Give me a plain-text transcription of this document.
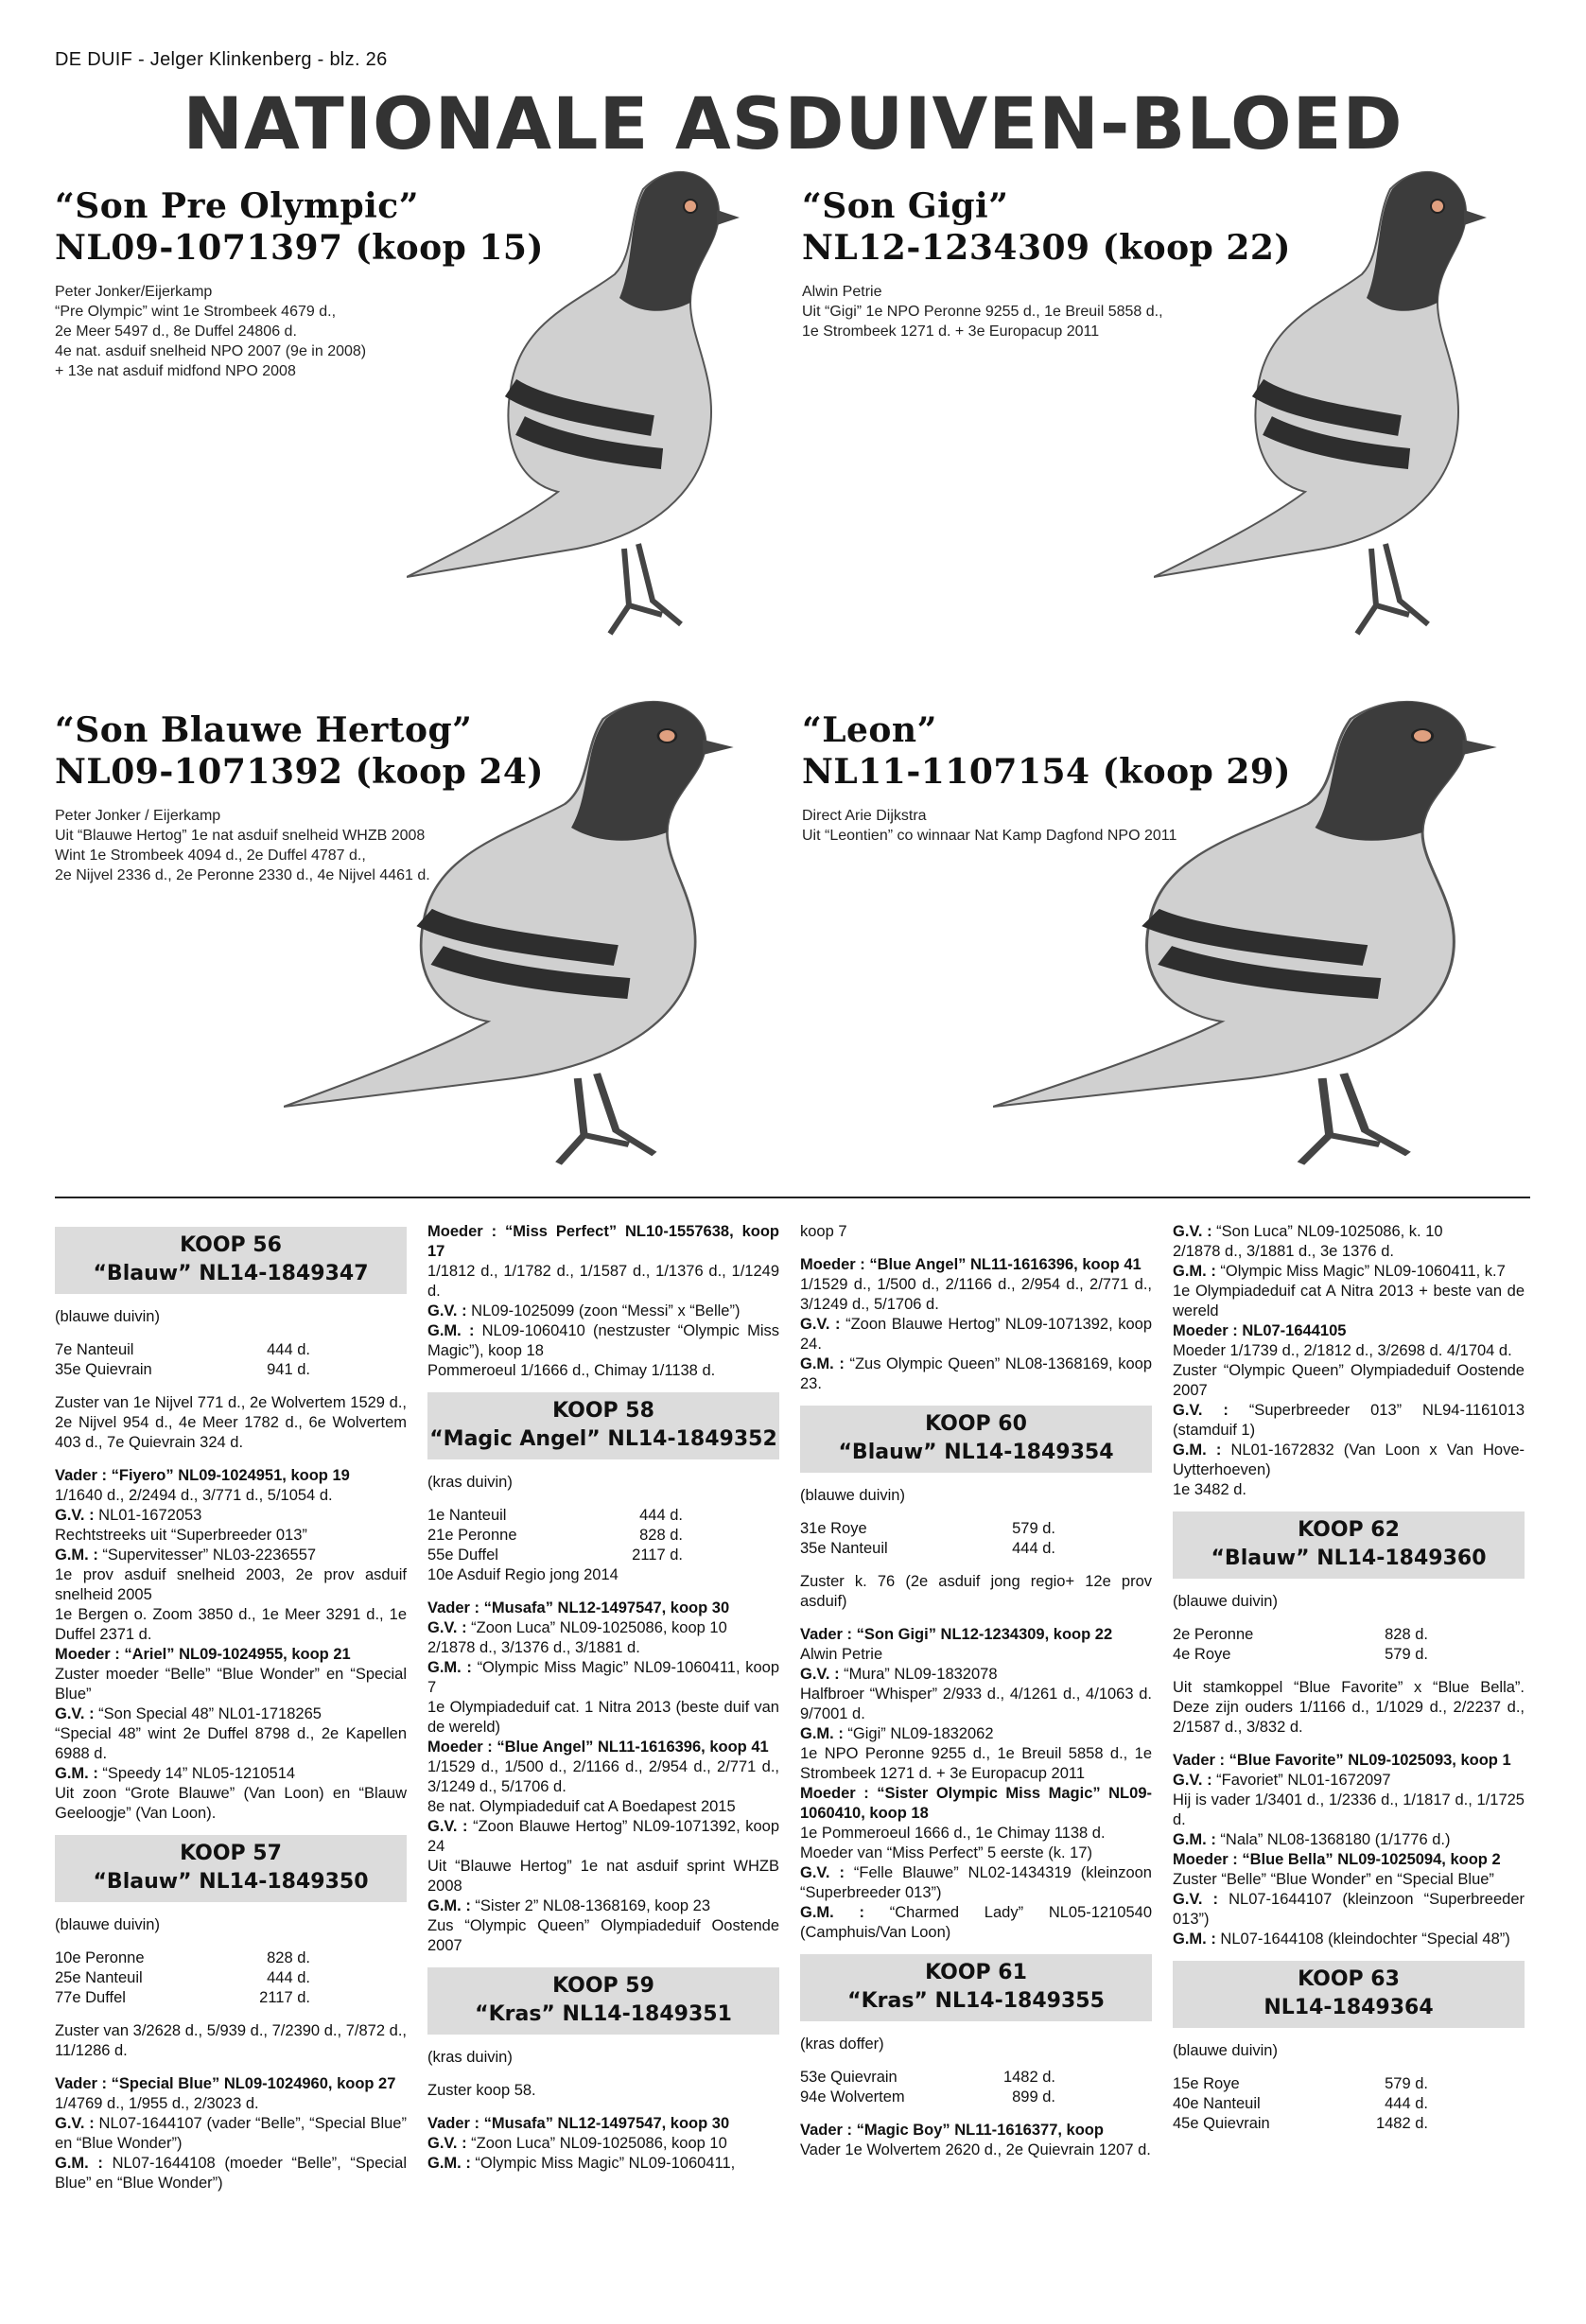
DE DUIF - Jelger Klinkenberg - blz. 26
NATIONALE ASDUIVEN-BLOED
“Son Pre Olympic”
NL09-1071397 (koop 15)
Peter Jonker/Eijerkamp
“Pre Olympic” wint 1e Strombeek 4679 d.,
2e Meer 5497 d., 8e Duffel 24806 d.
4e nat. asduif snelheid NPO 2007 (9e in 2008)
+ 13e nat asduif midfond NPO 2008
“Son Gigi”
NL12-1234309 (koop 22)
Alwin Petrie
Uit “Gigi” 1e NPO Peronne 9255 d., 1e Breuil 5858 d.,
1e Strombeek 1271 d. + 3e Europacup 2011
“Son Blauwe Hertog”
NL09-1071392 (koop 24)
Peter Jonker / Eijerkamp
Uit “Blauwe Hertog” 1e nat asduif snelheid WHZB 2008
Wint 1e Strombeek 4094 d., 2e Duffel 4787 d.,
2e Nijvel 2336 d., 2e Peronne 2330 d., 4e Nijvel 4461 d.
“Leon”
NL11-1107154 (koop 29)
Direct Arie Dijkstra
Uit “Leontien” co winnaar Nat Kamp Dagfond NPO 2011
KOOP 56
“Blauw” NL14-1849347

(blauwe duivin)

7e Nanteuil	444 d.
35e Quievrain	941 d.

Zuster van 1e Nijvel 771 d., 2e Wolvertem 1529 d., 2e Nijvel 954 d., 4e Meer 1782 d., 6e Wolvertem 403 d., 7e Quievrain 324 d.

Vader : “Fiyero” NL09-1024951, koop 19

1/1640 d., 2/2494 d., 3/771 d., 5/1054 d.

G.V. : NL01-1672053

Rechtstreeks uit “Superbreeder 013”

G.M. : “Supervitesser” NL03-2236557

1e prov asduif snelheid 2003, 2e prov asduif snelheid 2005

1e Bergen o. Zoom 3850 d., 1e Meer 3291 d., 1e Duffel 2371 d.

Moeder : “Ariel” NL09-1024955, koop 21

Zuster moeder “Belle” “Blue Wonder” en “Special Blue”

G.V. : “Son Special 48” NL01-1718265

“Special 48” wint 2e Duffel 8798 d., 2e Kapellen 6988 d.

G.M. : “Speedy 14” NL05-1210514

Uit zoon “Grote Blauwe” (Van Loon) en “Blauw Geeloogje” (Van Loon).

KOOP 57
“Blauw” NL14-1849350

(blauwe duivin)

10e Peronne	828 d.
25e Nanteuil	444 d.
77e Duffel	2117 d.

Zuster van 3/2628 d., 5/939 d., 7/2390 d., 7/872 d., 11/1286 d.

Vader : “Special Blue” NL09-1024960, koop 27

1/4769 d., 1/955 d., 2/3023 d.

G.V. : NL07-1644107 (vader “Belle”, “Special Blue” en “Blue Wonder”)

G.M. : NL07-1644108 (moeder “Belle”, “Special Blue” en “Blue Wonder”)

Moeder : “Miss Perfect” NL10-1557638, koop 17

1/1812 d., 1/1782 d., 1/1587 d., 1/1376 d., 1/1249 d.

G.V. : NL09-1025099 (zoon “Messi” x “Belle”)

G.M. : NL09-1060410 (nestzuster “Olympic Miss Magic”), koop 18

Pommeroeul 1/1666 d., Chimay 1/1138 d.

KOOP 58
“Magic Angel” NL14-1849352

(kras duivin)

1e Nanteuil	444 d.
21e Peronne	828 d.
55e Duffel	2117 d.

10e Asduif Regio jong 2014

Vader : “Musafa” NL12-1497547, koop 30

G.V. : “Zoon Luca” NL09-1025086, koop 10

2/1878 d., 3/1376 d., 3/1881 d.

G.M. : “Olympic Miss Magic” NL09-1060411, koop 7

1e Olympiadeduif cat. 1 Nitra 2013 (beste duif van de wereld)

Moeder : “Blue Angel” NL11-1616396, koop 41

1/1529 d., 1/500 d., 2/1166 d., 2/954 d., 2/771 d., 3/1249 d., 5/1706 d.

8e nat. Olympiadeduif cat A Boedapest 2015

G.V. : “Zoon Blauwe Hertog” NL09-1071392, koop 24

Uit “Blauwe Hertog” 1e nat asduif sprint WHZB 2008

G.M. : “Sister 2” NL08-1368169, koop 23

Zus “Olympic Queen” Olympiadeduif Oostende 2007

KOOP 59
“Kras” NL14-1849351

(kras duivin)

Zuster koop 58.

Vader : “Musafa” NL12-1497547, koop 30

G.V. : “Zoon Luca” NL09-1025086, koop 10

G.M. : “Olympic Miss Magic” NL09-1060411,

koop 7

Moeder : “Blue Angel” NL11-1616396, koop 41

1/1529 d., 1/500 d., 2/1166 d., 2/954 d., 2/771 d., 3/1249 d., 5/1706 d.

G.V. : “Zoon Blauwe Hertog” NL09-1071392, koop 24.

G.M. : “Zus Olympic Queen” NL08-1368169, koop 23.

KOOP 60
“Blauw” NL14-1849354

(blauwe duivin)

31e Roye	579 d.
35e Nanteuil	444 d.

Zuster k. 76 (2e asduif jong regio+ 12e prov asduif)

Vader : “Son Gigi” NL12-1234309, koop 22

Alwin Petrie

G.V. : “Mura” NL09-1832078

Halfbroer “Whisper” 2/933 d., 4/1261 d., 4/1063 d. 9/7001 d.

G.M. : “Gigi” NL09-1832062

1e NPO Peronne 9255 d., 1e Breuil 5858 d., 1e Strombeek 1271 d. + 3e Europacup 2011

Moeder : “Sister Olympic Miss Magic” NL09-1060410, koop 18

1e Pommeroeul 1666 d., 1e Chimay 1138 d.

Moeder van “Miss Perfect” 5 eerste (k. 17)

G.V. : “Felle Blauwe” NL02-1434319 (kleinzoon “Superbreeder 013”)

G.M. : “Charmed Lady” NL05-1210540 (Camphuis/Van Loon)

KOOP 61
“Kras” NL14-1849355

(kras doffer)

53e Quievrain	1482 d.
94e Wolvertem	899 d.

Vader : “Magic Boy” NL11-1616377, koop

Vader 1e Wolvertem 2620 d., 2e Quievrain 1207 d.

G.V. : “Son Luca” NL09-1025086, k. 10

2/1878 d., 3/1881 d., 3e 1376 d.

G.M. : “Olympic Miss Magic” NL09-1060411, k.7

1e Olympiadeduif cat A Nitra 2013 + beste van de wereld

Moeder : NL07-1644105

Moeder 1/1739 d., 2/1812 d., 3/2698 d. 4/1704 d.

Zuster “Olympic Queen” Olympiadeduif Oostende 2007

G.V. : “Superbreeder 013” NL94-1161013 (stamduif 1)

G.M. : NL01-1672832 (Van Loon x Van Hove-Uytterhoeven)

1e 3482 d.

KOOP 62
“Blauw” NL14-1849360

(blauwe duivin)

2e Peronne	828 d.
4e Roye	579 d.

Uit stamkoppel “Blue Favorite” x “Blue Bella”. Deze zijn ouders 1/1166 d., 1/1029 d., 2/2237 d., 2/1587 d., 3/832 d.

Vader : “Blue Favorite” NL09-1025093, koop 1

G.V. : “Favoriet” NL01-1672097

Hij is vader 1/3401 d., 1/2336 d., 1/1817 d., 1/1725 d.

G.M. : “Nala” NL08-1368180 (1/1776 d.)

Moeder : “Blue Bella” NL09-1025094, koop 2

Zuster “Belle” “Blue Wonder” en “Special Blue”

G.V. : NL07-1644107 (kleinzoon “Superbreeder 013”)

G.M. : NL07-1644108 (kleindochter “Special 48”)

KOOP 63
NL14-1849364

(blauwe duivin)

15e Roye	579 d.
40e Nanteuil	444 d.
45e Quievrain	1482 d.
